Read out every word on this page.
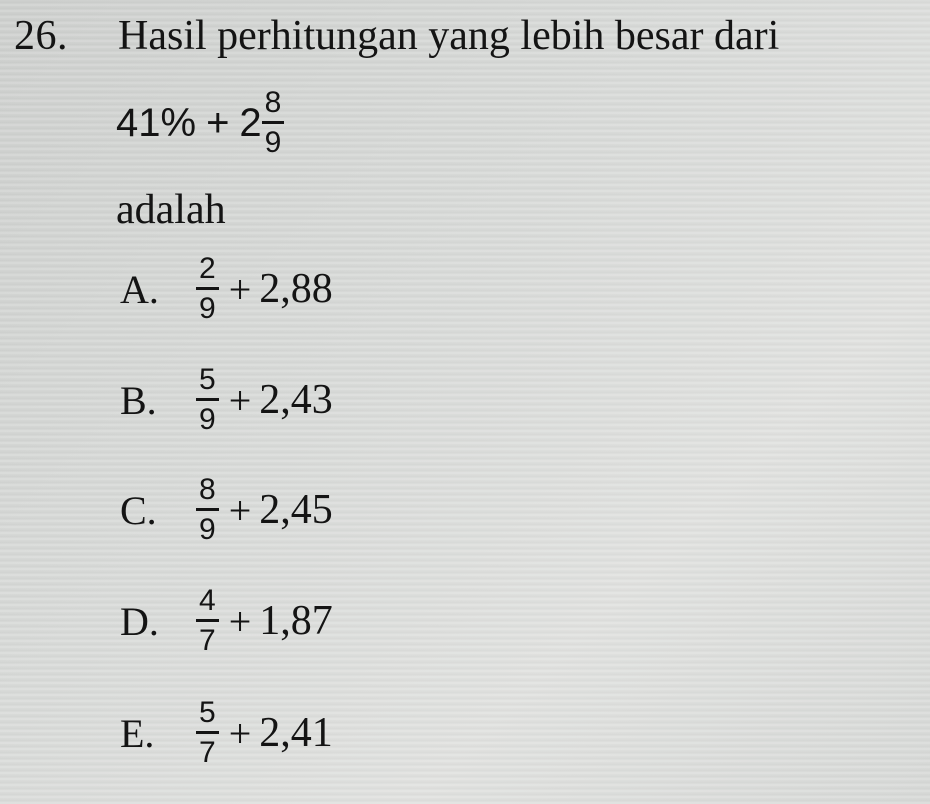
26. Hasil perhitungan yang lebih besar dari
$41\% + 2 \frac{8}{9}$
adalah
A.	$\frac{2}{9} + 2,88$
B.	$\frac{5}{9} + 2,43$
C.	$\frac{8}{9} + 2,45$
D.	$\frac{4}{7} + 1,87$
E.	$\frac{5}{7} + 2,41$
